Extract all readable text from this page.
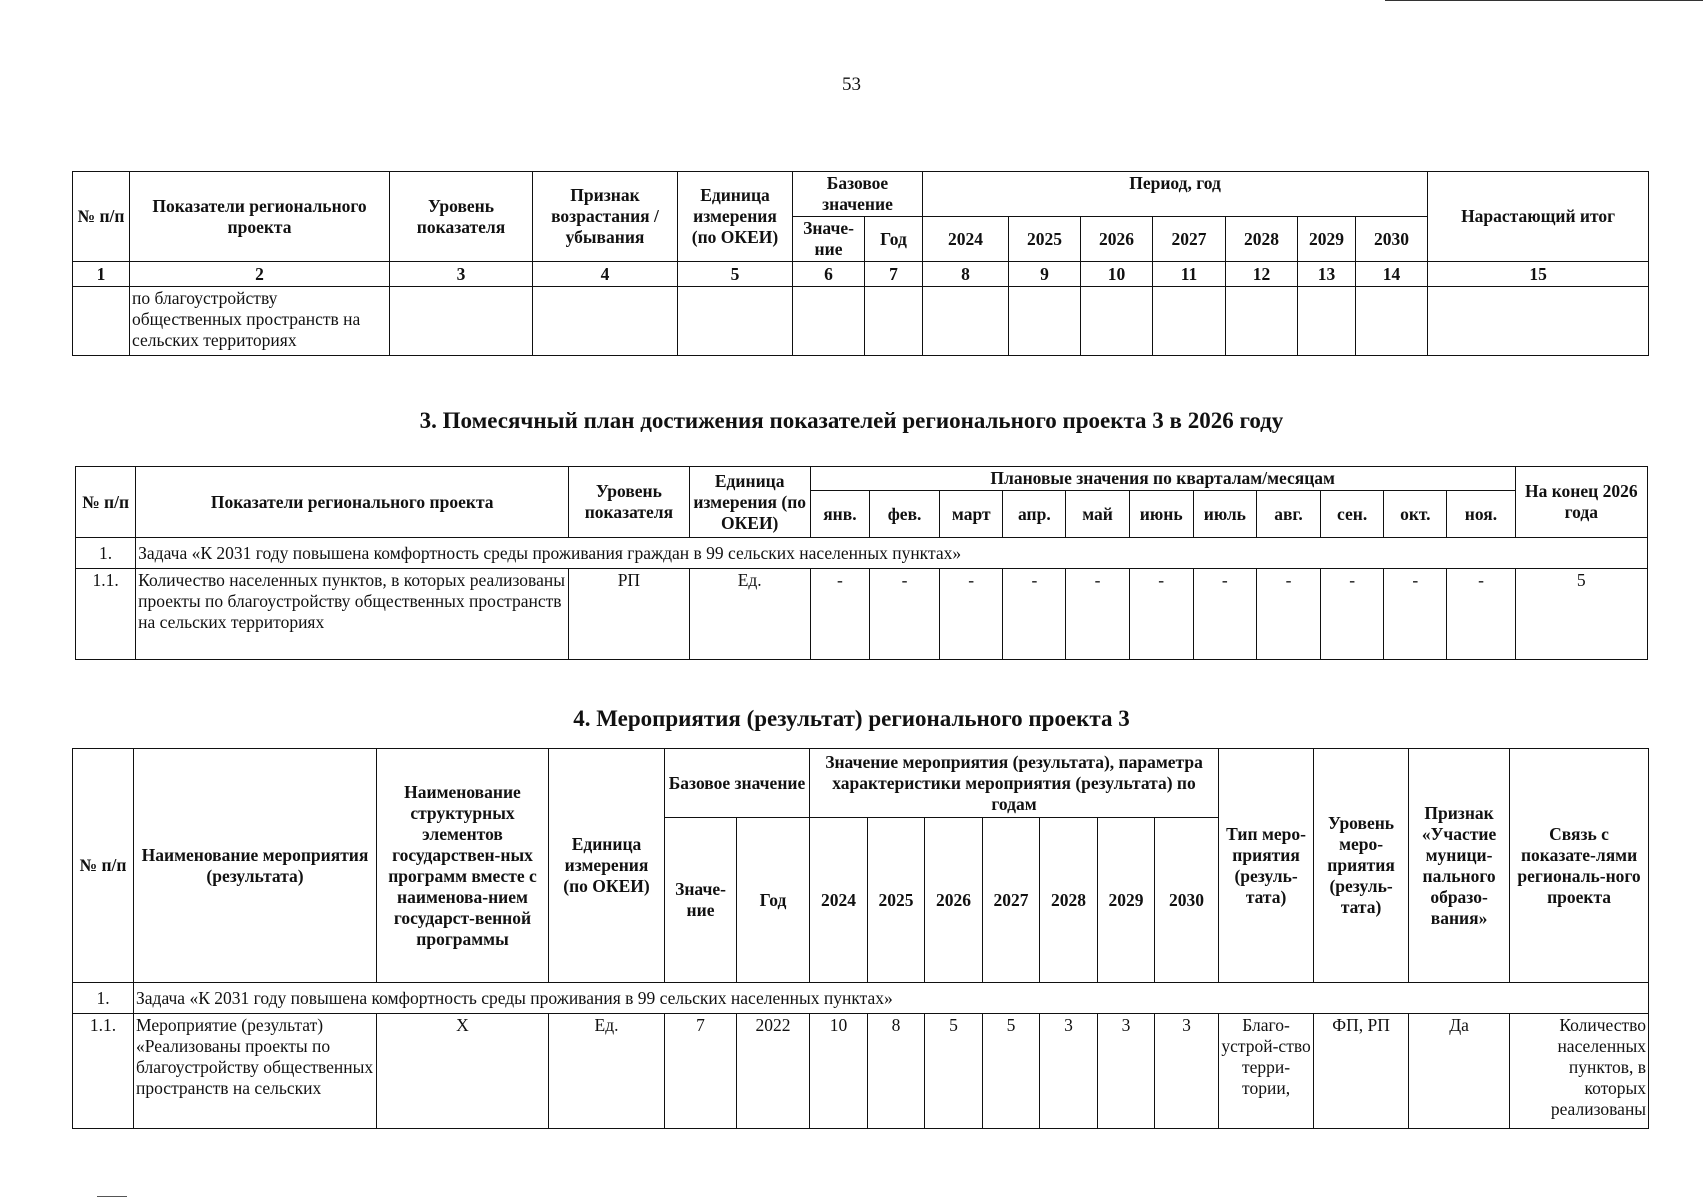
53
№ п/п	Показатели регионального проекта	Уровень показателя	Признак возрастания / убывания	Единица измерения (по ОКЕИ)	Базовое значение		Период, год							Нарастающий итог
					Значе-ние	Год	2024	2025	2026	2027	2028	2029	2030	
1	2	3	4	5	6	7	8	9	10	11	12	13	14	15
	по благоустройству общественных пространств на сельских территориях													
3. Помесячный план достижения показателей регионального проекта 3 в 2026 году
№ п/п	Показатели регионального проекта	Уровень показателя	Единица измерения (по ОКЕИ)	Плановые значения по кварталам/месяцам											На конец 2026 года
				янв.	фев.	март	апр.	май	июнь	июль	авг.	сен.	окт.	ноя.	
1.	Задача «К 2031 году повышена комфортность среды проживания граждан в 99 сельских населенных пунктах»														
1.1.	Количество населенных пунктов, в которых реализованы проекты по благоустройству общественных пространств на сельских территориях	РП	Ед.	-	-	-	-	-	-	-	-	-	-	-	5
4. Мероприятия (результат) регионального проекта 3
№ п/п	Наименование мероприятия (результата)	Наименование структурных элементов государствен-ных программ вместе с наименова-нием государст-венной программы	Единица измерения (по ОКЕИ)	Базовое значение		Значение мероприятия (результата), параметра характеристики мероприятия (результата) по годам							Тип меро-приятия (резуль-тата)	Уровень меро-приятия (резуль-тата)	Признак «Участие муници-пального образо-вания»	Связь с показате-лями региональ-ного проекта
				Значе-ние	Год	2024	2025	2026	2027	2028	2029	2030				
1.	Задача «К 2031 году повышена комфортность среды проживания в 99 сельских населенных пунктах»															
1.1.	Мероприятие (результат) «Реализованы проекты по благоустройству общественных пространств на сельских	Х	Ед.	7	2022	10	8	5	5	3	3	3	Благо-устрой-ство терри-тории,	ФП, РП	Да	Количество населенных пунктов, в которых реализованы
